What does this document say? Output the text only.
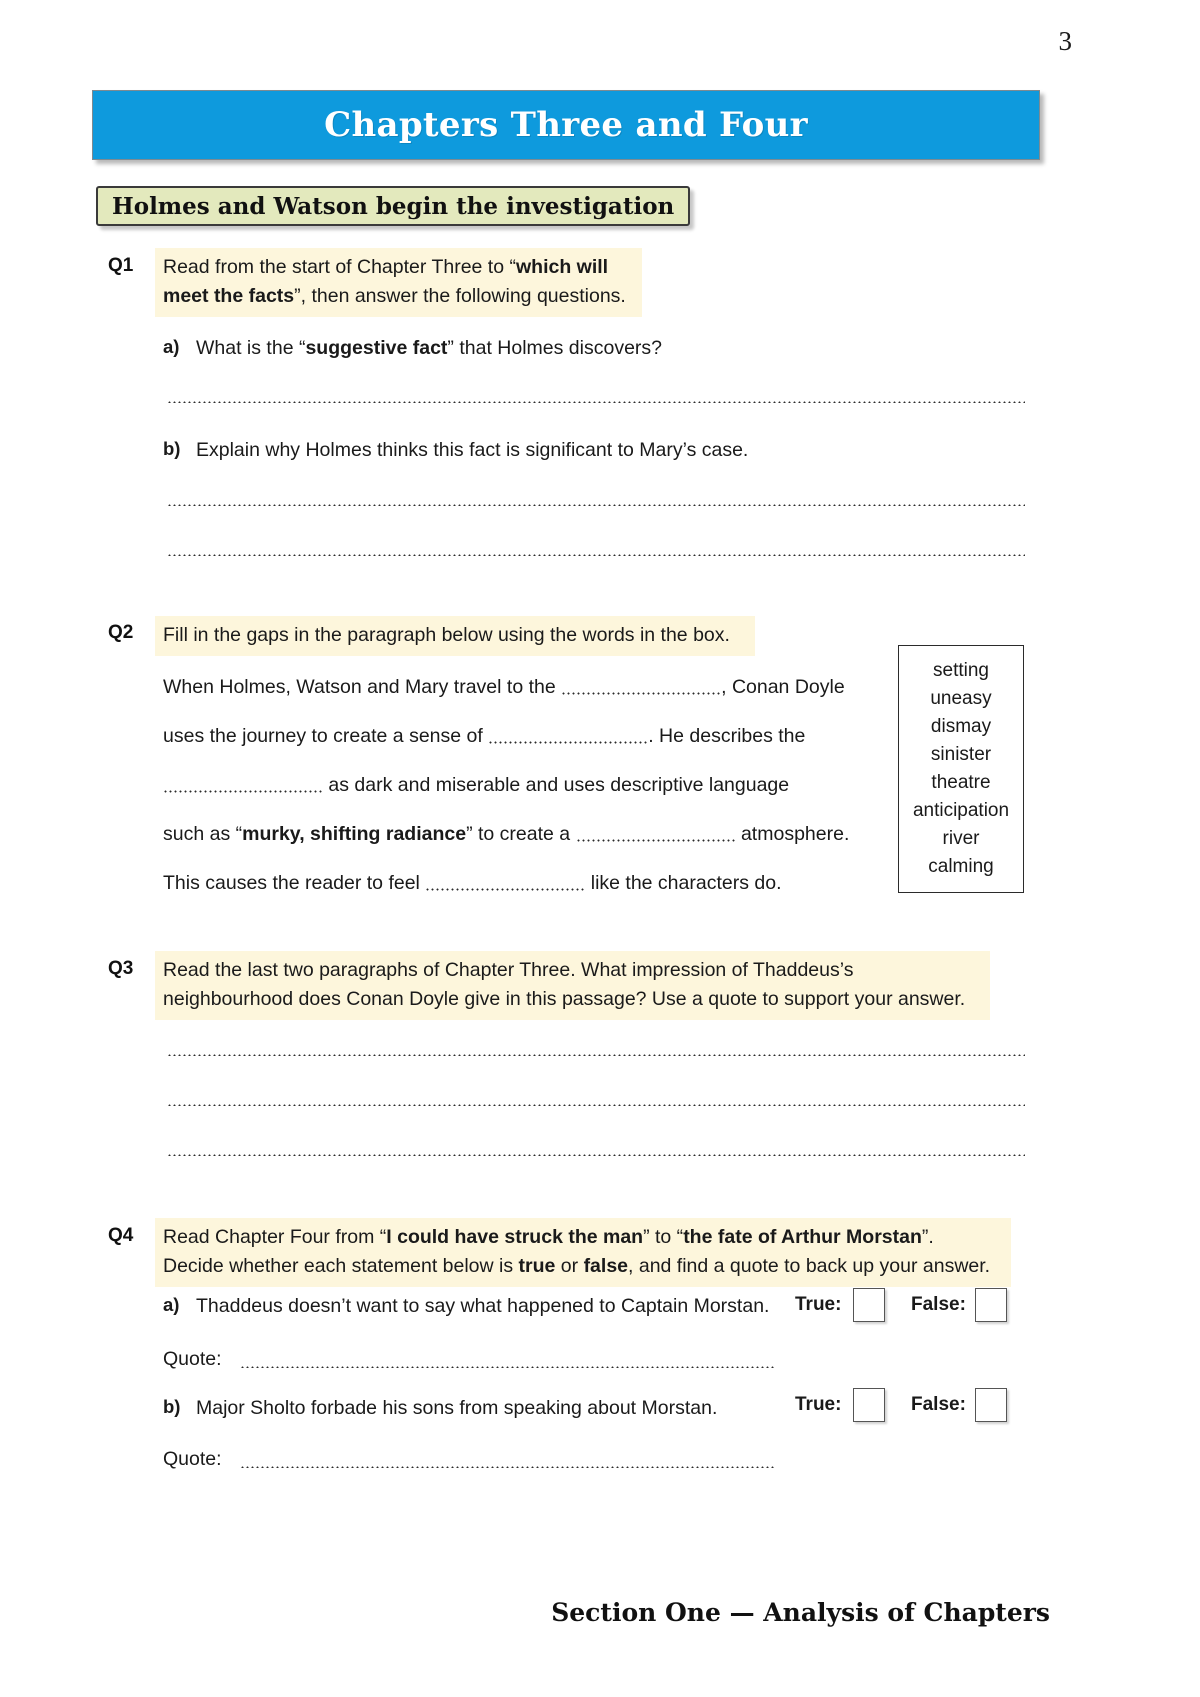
3
Chapters Three and Four
Holmes and Watson begin the investigation
Q1	Read from the start of Chapter Three to “which will meet the facts”, then answer the following questions.
a) What is the “suggestive fact” that Holmes discovers?
b) Explain why Holmes thinks this fact is significant to Mary’s case.
Q2	Fill in the gaps in the paragraph below using the words in the box.
When Holmes, Watson and Mary travel to the	, Conan Doyle
uses the journey to create a sense of	. He describes the
as dark and miserable and uses descriptive language
such as “murky, shifting radiance” to create a	atmosphere.
This causes the reader to feel	like the characters do.
setting
uneasy
dismay
sinister
theatre
anticipation
river
calming
Q3	Read the last two paragraphs of Chapter Three. What impression of Thaddeus’s
neighbourhood does Conan Doyle give in this passage? Use a quote to support your answer.
Q4	Read Chapter Four from “I could have struck the man” to “the fate of Arthur Morstan”.
Decide whether each statement below is true or false, and find a quote to back up your answer.
a) Thaddeus doesn’t want to say what happened to Captain Morstan. True:	False:
Quote:
b) Major Sholto forbade his sons from speaking about Morstan.	True:	False:
Quote:
Section One — Analysis of Chapters
